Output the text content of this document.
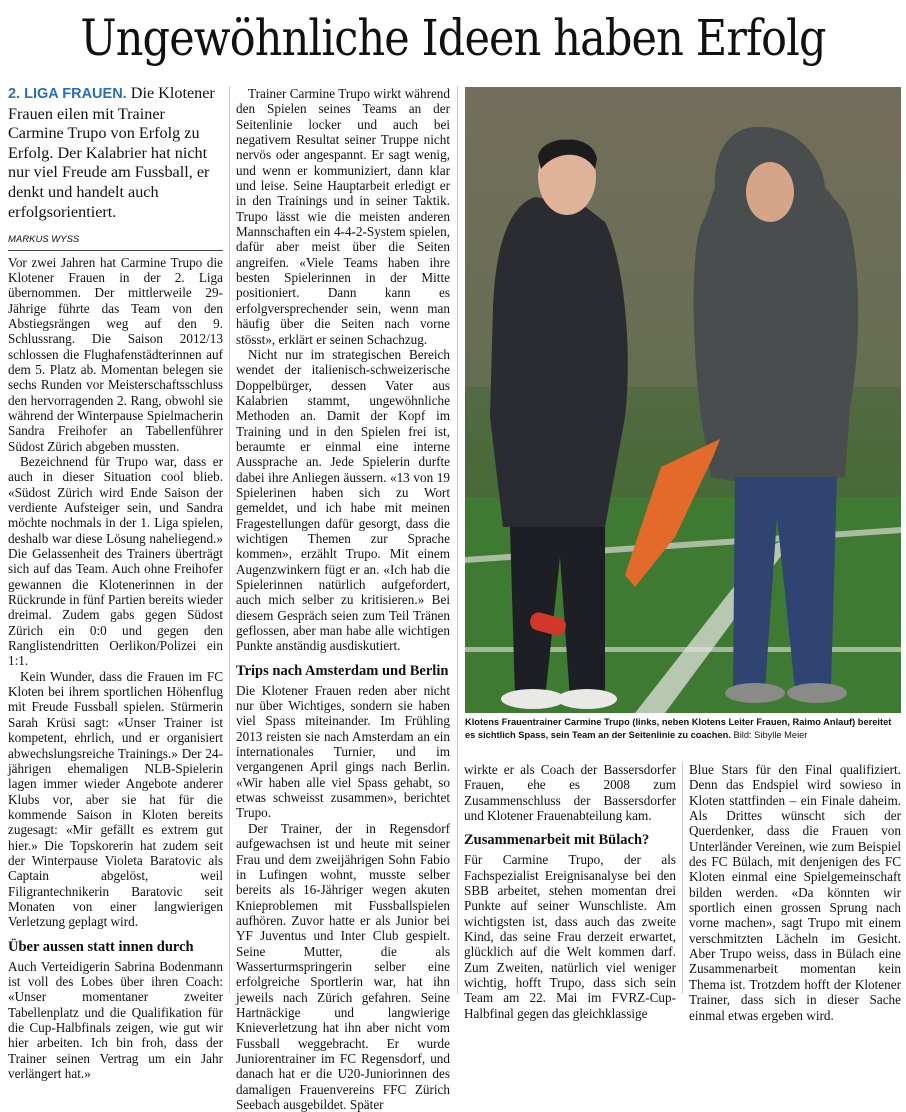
Ungewöhnliche Ideen haben Erfolg

2. LIGA FRAUEN. Die Klotener Frauen eilen mit Trainer Carmine Trupo von Erfolg zu Erfolg. Der Kalabrier hat nicht nur viel Freude am Fussball, er denkt und handelt auch erfolgsorientiert.

MARKUS WYSS

Vor zwei Jahren hat Carmine Trupo die Klotener Frauen in der 2. Liga übernommen. Der mittlerweile 29-Jährige führte das Team von den Abstiegsrängen weg auf den 9. Schlussrang. Die Saison 2012/13 schlossen die Flughafenstädterinnen auf dem 5. Platz ab. Momentan belegen sie sechs Runden vor Meisterschaftsschluss den hervorragenden 2. Rang, obwohl sie während der Winterpause Spielmacherin Sandra Freihofer an Tabellenführer Südost Zürich abgeben mussten.

Bezeichnend für Trupo war, dass er auch in dieser Situation cool blieb. «Südost Zürich wird Ende Saison der verdiente Aufsteiger sein, und Sandra möchte nochmals in der 1. Liga spielen, deshalb war diese Lösung naheliegend.» Die Gelassenheit des Trainers überträgt sich auf das Team. Auch ohne Freihofer gewannen die Klotenerinnen in der Rückrunde in fünf Partien bereits wieder dreimal. Zudem gabs gegen Südost Zürich ein 0:0 und gegen den Ranglistendritten Oerlikon/Polizei ein 1:1.

Kein Wunder, dass die Frauen im FC Kloten bei ihrem sportlichen Höhenflug mit Freude Fussball spielen. Stürmerin Sarah Krüsi sagt: «Unser Trainer ist kompetent, ehrlich, und er organisiert abwechslungsreiche Trainings.» Der 24-jährigen ehemaligen NLB-Spielerin lagen immer wieder Angebote anderer Klubs vor, aber sie hat für die kommende Saison in Kloten bereits zugesagt: «Mir gefällt es extrem gut hier.» Die Topskorerin hat zudem seit der Winterpause Violeta Baratovic als Captain abgelöst, weil Filigrantechnikerin Baratovic seit Monaten von einer langwierigen Verletzung geplagt wird.

Über aussen statt innen durch

Auch Verteidigerin Sabrina Bodenmann ist voll des Lobes über ihren Coach: «Unser momentaner zweiter Tabellenplatz und die Qualifikation für die Cup-Halbfinals zeigen, wie gut wir hier arbeiten. Ich bin froh, dass der Trainer seinen Vertrag um ein Jahr verlängert hat.»

Trainer Carmine Trupo wirkt während den Spielen seines Teams an der Seitenlinie locker und auch bei negativem Resultat seiner Truppe nicht nervös oder angespannt. Er sagt wenig, und wenn er kommuniziert, dann klar und leise. Seine Hauptarbeit erledigt er in den Trainings und in seiner Taktik. Trupo lässt wie die meisten anderen Mannschaften ein 4-4-2-System spielen, dafür aber meist über die Seiten angreifen. «Viele Teams haben ihre besten Spielerinnen in der Mitte positioniert. Dann kann es erfolgversprechender sein, wenn man häufig über die Seiten nach vorne stösst», erklärt er seinen Schachzug.

Nicht nur im strategischen Bereich wendet der italienisch-schweizerische Doppelbürger, dessen Vater aus Kalabrien stammt, ungewöhnliche Methoden an. Damit der Kopf im Training und in den Spielen frei ist, beraumte er einmal eine interne Aussprache an. Jede Spielerin durfte dabei ihre Anliegen äussern. «13 von 19 Spielerinen haben sich zu Wort gemeldet, und ich habe mit meinen Fragestellungen dafür gesorgt, dass die wichtigen Themen zur Sprache kommen», erzählt Trupo. Mit einem Augenzwinkern fügt er an. «Ich hab die Spielerinnen natürlich aufgefordert, auch mich selber zu kritisieren.» Bei diesem Gespräch seien zum Teil Tränen geflossen, aber man habe alle wichtigen Punkte anständig ausdiskutiert.

Trips nach Amsterdam und Berlin

Die Klotener Frauen reden aber nicht nur über Wichtiges, sondern sie haben viel Spass miteinander. Im Frühling 2013 reisten sie nach Amsterdam an ein internationales Turnier, und im vergangenen April gings nach Berlin. «Wir haben alle viel Spass gehabt, so etwas schweisst zusammen», berichtet Trupo.

Der Trainer, der in Regensdorf aufgewachsen ist und heute mit seiner Frau und dem zweijährigen Sohn Fabio in Lufingen wohnt, musste selber bereits als 16-Jähriger wegen akuten Knieproblemen mit Fussballspielen aufhören. Zuvor hatte er als Junior bei YF Juventus und Inter Club gespielt. Seine Mutter, die als Wasserturmspringerin selber eine erfolgreiche Sportlerin war, hat ihn jeweils nach Zürich gefahren. Seine Hartnäckige und langwierige Knieverletzung hat ihn aber nicht vom Fussball weggebracht. Er wurde Juniorentrainer im FC Regensdorf, und danach hat er die U20-Juniorinnen des damaligen Frauenvereins FFC Zürich Seebach ausgebildet. Später

Klotens Frauentrainer Carmine Trupo (links, neben Klotens Leiter Frauen, Raimo Anlauf) bereitet es sichtlich Spass, sein Team an der Seitenlinie zu coachen. Bild: Sibylle Meier

wirkte er als Coach der Bassersdorfer Frauen, ehe es 2008 zum Zusammenschluss der Bassersdorfer und Klotener Frauenabteilung kam.

Zusammenarbeit mit Bülach?

Für Carmine Trupo, der als Fachspezialist Ereignisanalyse bei den SBB arbeitet, stehen momentan drei Punkte auf seiner Wunschliste. Am wichtigsten ist, dass auch das zweite Kind, das seine Frau derzeit erwartet, glücklich auf die Welt kommen darf. Zum Zweiten, natürlich viel weniger wichtig, hofft Trupo, dass sich sein Team am 22. Mai im FVRZ-Cup-Halbfinal gegen das gleichklassige

Blue Stars für den Final qualifiziert. Denn das Endspiel wird sowieso in Kloten stattfinden – ein Finale daheim. Als Drittes wünscht sich der Querdenker, dass die Frauen von Unterländer Vereinen, wie zum Beispiel des FC Bülach, mit denjenigen des FC Kloten einmal eine Spielgemeinschaft bilden werden. «Da könnten wir sportlich einen grossen Sprung nach vorne machen», sagt Trupo mit einem verschmitzten Lächeln im Gesicht. Aber Trupo weiss, dass in Bülach eine Zusammenarbeit momentan kein Thema ist. Trotzdem hofft der Klotener Trainer, dass sich in dieser Sache einmal etwas ergeben wird.
